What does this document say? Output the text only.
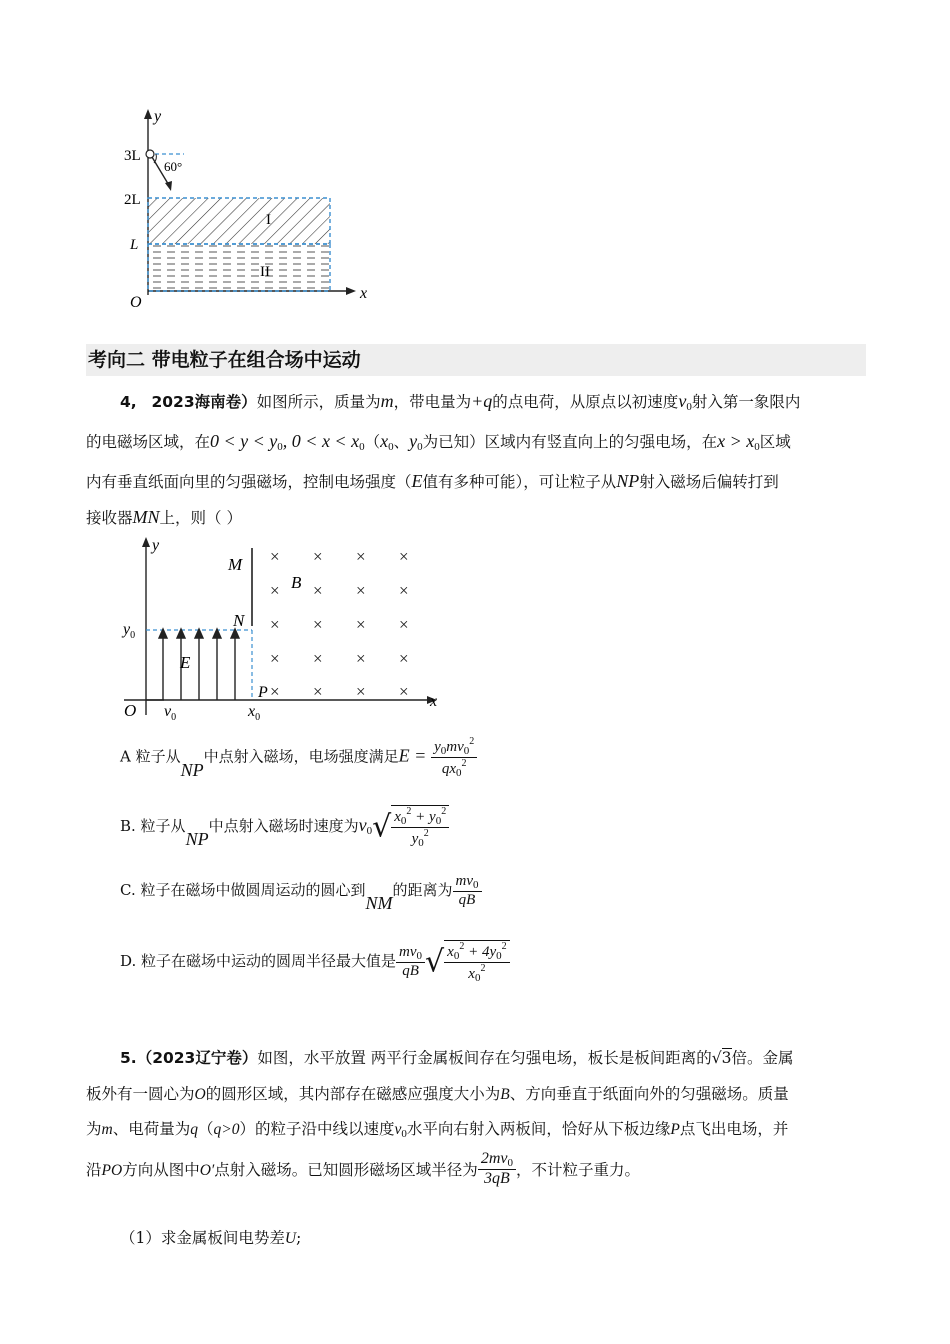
y
x
O
3L
2L
L
60°
I
II
考向二 带电粒子在组合场中运动
4, 2023海南卷）如图所示，质量为m，带电量为+q的点电荷，从原点以初速度$v_0$射入第一象限内
的电磁场区域，在$0 < y < y_0$, $0 < x < x_0(x_0$、$y_0$为已知）区域内有竖直向上的匀强电场，在$x > x_0$区域
内有垂直纸面向里的匀强磁场，控制电场强度（E值有多种可能），可让粒子从NP射入磁场后偏转打到
接收器MN上，则（ ）
× × × ×
× × × ×
× × × ×
× × × ×
× × × ×
y
x
O
M
N
P
B
E
$y_0$
$x_0$
$v_0$
A 粒子从NP中点射入磁场，电场强度满足$E = \frac{y_0mv_0^2}{qx_0^2}$
B. 粒子从NP中点射入磁场时速度为$v_0√ \frac{x_0^2 + y_0^2}{y_0^2}$
C. 粒子在磁场中做圆周运动的圆心到NM的距离为 $\frac{mv_0}{qB}$
D. 粒子在磁场中运动的圆周半径最大值是 $\frac{mv_0}{qB}$ √ $\frac{x_0^2 + 4y_0^2}{x_0^2}$
5.（2023辽宁卷）如图，水平放置 两平行金属板间存在匀强电场，板长是板间距离的√3倍。金属
板外有一圆心为O的圆形区域，其内部存在磁感应强度大小为B、方向垂直于纸面向外的匀强磁场。质量
为m、电荷量为q（q>0）的粒子沿中线以速度$v_0$水平向右射入两板间，恰好从下板边缘P点飞出电场，并
沿PO方向从图中O′点射入磁场。已知圆形磁场区域半径为 $\frac{2mv_0}{3qB}$ ，不计粒子重力。
（1）求金属板间电势差U;
